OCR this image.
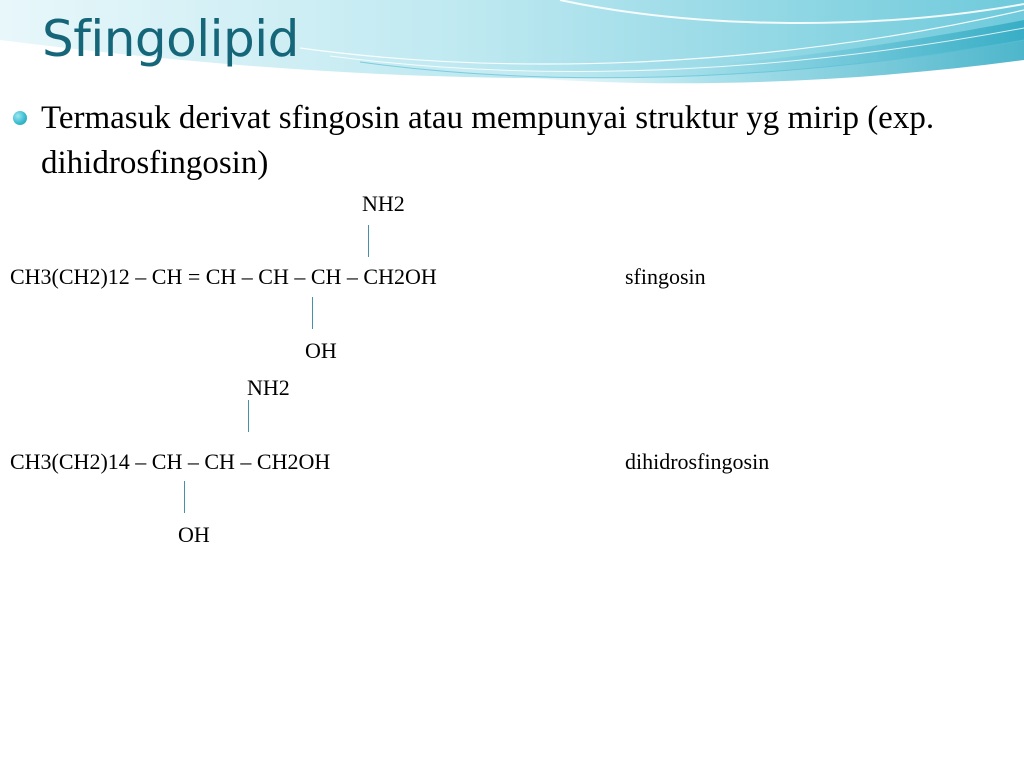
Sfingolipid
Termasuk derivat sfingosin atau mempunyai struktur yg mirip (exp. dihidrosfingosin)
NH2
CH3(CH2)12 – CH = CH – CH – CH – CH2OH	sfingosin
OH
NH2
CH3(CH2)14 – CH – CH – CH2OH	dihidrosfingosin
OH
